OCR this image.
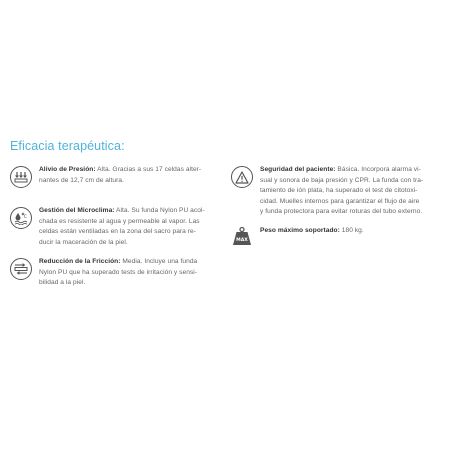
Eficacia terapéutica:
Alivio de Presión: Alta. Gracias a sus 17 celdas alter-
nantes de 12,7 cm de altura.
C
Gestión del Microclima: Alta. Su funda Nylon PU acol-
chada es resistente al agua y permeable al vapor. Las
celdas están ventiladas en la zona del sacro para re-
ducir la maceración de la piel.
Reducción de la Fricción: Media. Incluye una funda
Nylon PU que ha superado tests de irritación y sensi-
bilidad a la piel.
Seguridad del paciente: Básica. Incorpora alarma vi-
sual y sonora de baja presión y CPR. La funda con tra-
tamiento de ión plata, ha superado el test de citotoxi-
cidad. Muelles internos para garantizar el flujo de aire
y funda protectora para evitar roturas del tubo externo.
MAX
Peso máximo soportado: 180 kg.
